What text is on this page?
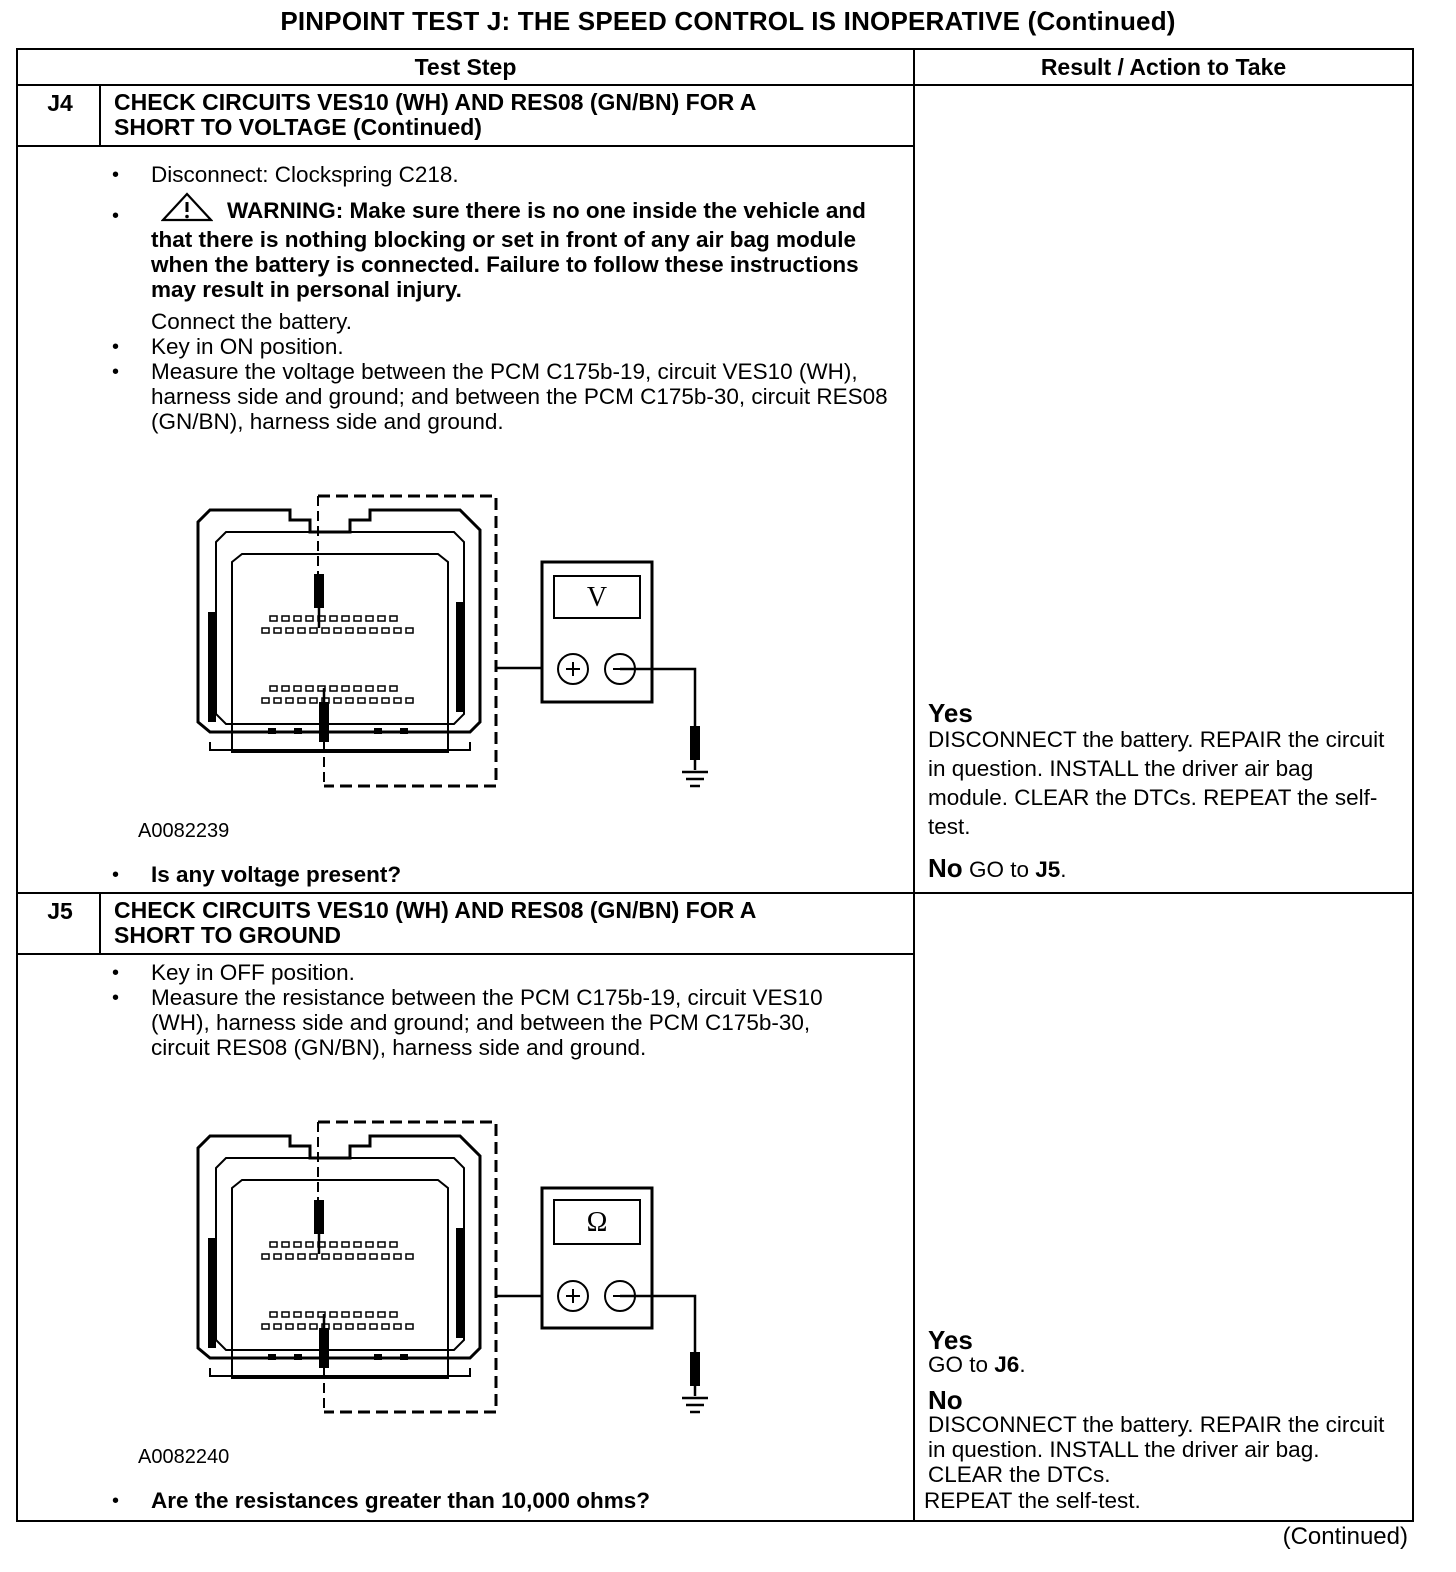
PINPOINT TEST J: THE SPEED CONTROL IS INOPERATIVE (Continued)
Test Step	Result / Action to Take
J4	CHECK CIRCUITS VES10 (WH) AND RES08 (GN/BN) FOR A
SHORT TO VOLTAGE (Continued)
• Disconnect: Clockspring C218.
•	WARNING: Make sure there is no one inside the vehicle and that there is nothing blocking or set in front of any air bag module when the battery is connected. Failure to follow these instructions may result in personal injury.
Connect the battery.
• Key in ON position.
• Measure the voltage between the PCM C175b-19, circuit VES10 (WH), harness side and ground; and between the PCM C175b-30, circuit RES08 (GN/BN), harness side and ground.
V
A0082239
• Is any voltage present?
Yes
DISCONNECT the battery. REPAIR the circuit in question. INSTALL the driver air bag module. CLEAR the DTCs. REPEAT the self-test.
No GO to J5.
J5	CHECK CIRCUITS VES10 (WH) AND RES08 (GN/BN) FOR A
SHORT TO GROUND
• Key in OFF position.
• Measure the resistance between the PCM C175b-19, circuit VES10 (WH), harness side and ground; and between the PCM C175b-30, circuit RES08 (GN/BN), harness side and ground.
Ω
A0082240
• Are the resistances greater than 10,000 ohms?
Yes
GO to J6.
No
DISCONNECT the battery. REPAIR the circuit in question. INSTALL the driver air bag. CLEAR the DTCs.
REPEAT the self-test.
(Continued)
